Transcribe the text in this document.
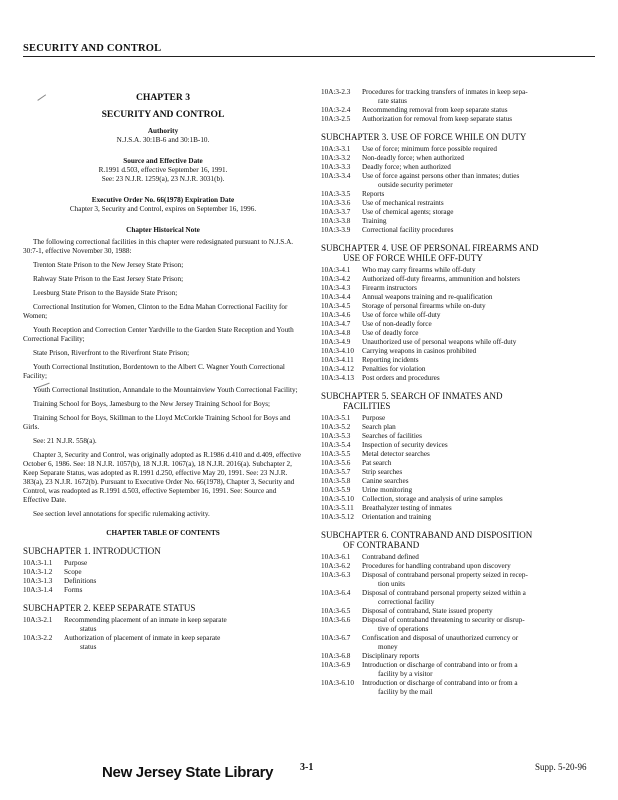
SECURITY AND CONTROL
CHAPTER 3
SECURITY AND CONTROL
Authority
N.J.S.A. 30:1B-6 and 30:1B-10.
Source and Effective Date
R.1991 d.503, effective September 16, 1991.
See: 23 N.J.R. 1259(a), 23 N.J.R. 3031(b).
Executive Order No. 66(1978) Expiration Date
Chapter 3, Security and Control, expires on September 16, 1996.
Chapter Historical Note

The following correctional facilities in this chapter were redesignated pursuant to N.J.S.A. 30:7-1, effective November 30, 1988:

Trenton State Prison to the New Jersey State Prison;

Rahway State Prison to the East Jersey State Prison;

Leesburg State Prison to the Bayside State Prison;

Correctional Institution for Women, Clinton to the Edna Mahan Correctional Facility for Women;

Youth Reception and Correction Center Yardville to the Garden State Reception and Youth Correctional Facility;

State Prison, Riverfront to the Riverfront State Prison;

Youth Correctional Institution, Bordentown to the Albert C. Wagner Youth Correctional Facility;

Youth Correctional Institution, Annandale to the Mountainview Youth Correctional Facility;

Training School for Boys, Jamesburg to the New Jersey Training School for Boys;

Training School for Boys, Skillman to the Lloyd McCorkle Training School for Boys and Girls.

See: 21 N.J.R. 558(a).

Chapter 3, Security and Control, was originally adopted as R.1986 d.410 and d.409, effective October 6, 1986. See: 18 N.J.R. 1057(b), 18 N.J.R. 1067(a), 18 N.J.R. 2016(a). Subchapter 2, Keep Separate Status, was adopted as R.1991 d.250, effective May 20, 1991. See: 23 N.J.R. 383(a), 23 N.J.R. 1672(b). Pursuant to Executive Order No. 66(1978), Chapter 3, Security and Control, was readopted as R.1991 d.503, effective September 16, 1991. See: Source and Effective Date.

See section level annotations for specific rulemaking activity.

CHAPTER TABLE OF CONTENTS
SUBCHAPTER 1. INTRODUCTION
10A:3-1.1	Purpose
10A:3-1.2	Scope
10A:3-1.3	Definitions
10A:3-1.4	Forms
SUBCHAPTER 2. KEEP SEPARATE STATUS
10A:3-2.1	Recommending placement of an inmate in keep separate
status
10A:3-2.2	Authorization of placement of inmate in keep separate
status
10A:3-2.3	Procedures for tracking transfers of inmates in keep sepa-
rate status
10A:3-2.4	Recommending removal from keep separate status
10A:3-2.5	Authorization for removal from keep separate status
SUBCHAPTER 3. USE OF FORCE WHILE ON DUTY
10A:3-3.1	Use of force; minimum force possible required
10A:3-3.2	Non-deadly force; when authorized
10A:3-3.3	Deadly force; when authorized
10A:3-3.4	Use of force against persons other than inmates; duties
outside security perimeter
10A:3-3.5	Reports
10A:3-3.6	Use of mechanical restraints
10A:3-3.7	Use of chemical agents; storage
10A:3-3.8	Training
10A:3-3.9	Correctional facility procedures
SUBCHAPTER 4. USE OF PERSONAL FIREARMS AND
USE OF FORCE WHILE OFF-DUTY
10A:3-4.1	Who may carry firearms while off-duty
10A:3-4.2	Authorized off-duty firearms, ammunition and holsters
10A:3-4.3	Firearm instructors
10A:3-4.4	Annual weapons training and re-qualification
10A:3-4.5	Storage of personal firearms while on-duty
10A:3-4.6	Use of force while off-duty
10A:3-4.7	Use of non-deadly force
10A:3-4.8	Use of deadly force
10A:3-4.9	Unauthorized use of personal weapons while off-duty
10A:3-4.10	Carrying weapons in casinos prohibited
10A:3-4.11	Reporting incidents
10A:3-4.12	Penalties for violation
10A:3-4.13	Post orders and procedures
SUBCHAPTER 5. SEARCH OF INMATES AND
FACILITIES
10A:3-5.1	Purpose
10A:3-5.2	Search plan
10A:3-5.3	Searches of facilities
10A:3-5.4	Inspection of security devices
10A:3-5.5	Metal detector searches
10A:3-5.6	Pat search
10A:3-5.7	Strip searches
10A:3-5.8	Canine searches
10A:3-5.9	Urine monitoring
10A:3-5.10	Collection, storage and analysis of urine samples
10A:3-5.11	Breathalyzer testing of inmates
10A:3-5.12	Orientation and training
SUBCHAPTER 6. CONTRABAND AND DISPOSITION
OF CONTRABAND
10A:3-6.1	Contraband defined
10A:3-6.2	Procedures for handling contraband upon discovery
10A:3-6.3	Disposal of contraband personal property seized in recep-
tion units
10A:3-6.4	Disposal of contraband personal property seized within a
correctional facility
10A:3-6.5	Disposal of contraband, State issued property
10A:3-6.6	Disposal of contraband threatening to security or disrup-
tive of operations
10A:3-6.7	Confiscation and disposal of unauthorized currency or
money
10A:3-6.8	Disciplinary reports
10A:3-6.9	Introduction or discharge of contraband into or from a
facility by a visitor
10A:3-6.10	Introduction or discharge of contraband into or from a
facility by the mail
New Jersey State Library	3-1	Supp. 5-20-96
